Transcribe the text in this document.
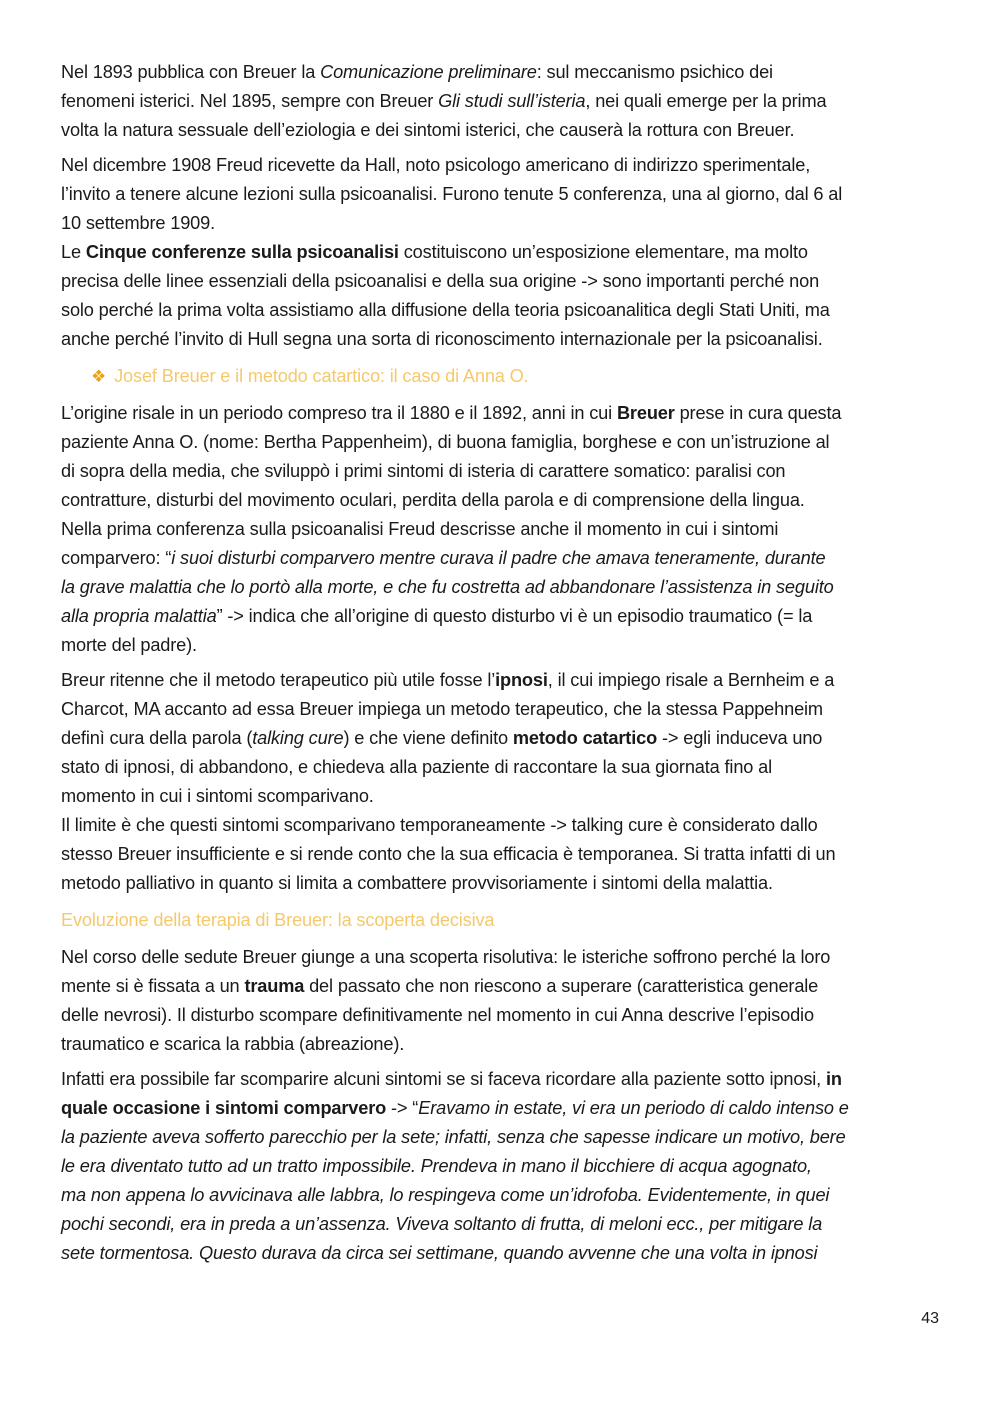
Nel 1893 pubblica con Breuer la Comunicazione preliminare: sul meccanismo psichico dei
fenomeni isterici. Nel 1895, sempre con Breuer Gli studi sull’isteria, nei quali emerge per la prima
volta la natura sessuale dell’eziologia e dei sintomi isterici, che causerà la rottura con Breuer.
Nel dicembre 1908 Freud ricevette da Hall, noto psicologo americano di indirizzo sperimentale,
l’invito a tenere alcune lezioni sulla psicoanalisi. Furono tenute 5 conferenza, una al giorno, dal 6 al
10 settembre 1909.
Le Cinque conferenze sulla psicoanalisi costituiscono un’esposizione elementare, ma molto
precisa delle linee essenziali della psicoanalisi e della sua origine -> sono importanti perché non
solo perché la prima volta assistiamo alla diffusione della teoria psicoanalitica degli Stati Uniti, ma
anche perché l’invito di Hull segna una sorta di riconoscimento internazionale per la psicoanalisi.
❖ Josef Breuer e il metodo catartico: il caso di Anna O.
L’origine risale in un periodo compreso tra il 1880 e il 1892, anni in cui Breuer prese in cura questa
paziente Anna O. (nome: Bertha Pappenheim), di buona famiglia, borghese e con un’istruzione al
di sopra della media, che sviluppò i primi sintomi di isteria di carattere somatico: paralisi con
contratture, disturbi del movimento oculari, perdita della parola e di comprensione della lingua.
Nella prima conferenza sulla psicoanalisi Freud descrisse anche il momento in cui i sintomi
comparvero: “i suoi disturbi comparvero mentre curava il padre che amava teneramente, durante
la grave malattia che lo portò alla morte, e che fu costretta ad abbandonare l’assistenza in seguito
alla propria malattia” -> indica che all’origine di questo disturbo vi è un episodio traumatico (= la
morte del padre).
Breur ritenne che il metodo terapeutico più utile fosse l’ipnosi, il cui impiego risale a Bernheim e a
Charcot, MA accanto ad essa Breuer impiega un metodo terapeutico, che la stessa Pappehneim
definì cura della parola (talking cure) e che viene definito metodo catartico -> egli induceva uno
stato di ipnosi, di abbandono, e chiedeva alla paziente di raccontare la sua giornata fino al
momento in cui i sintomi scomparivano.
Il limite è che questi sintomi scomparivano temporaneamente -> talking cure è considerato dallo
stesso Breuer insufficiente e si rende conto che la sua efficacia è temporanea. Si tratta infatti di un
metodo palliativo in quanto si limita a combattere provvisoriamente i sintomi della malattia.
Evoluzione della terapia di Breuer: la scoperta decisiva
Nel corso delle sedute Breuer giunge a una scoperta risolutiva: le isteriche soffrono perché la loro
mente si è fissata a un trauma del passato che non riescono a superare (caratteristica generale
delle nevrosi). Il disturbo scompare definitivamente nel momento in cui Anna descrive l’episodio
traumatico e scarica la rabbia (abreazione).
Infatti era possibile far scomparire alcuni sintomi se si faceva ricordare alla paziente sotto ipnosi, in
quale occasione i sintomi comparvero -> “Eravamo in estate, vi era un periodo di caldo intenso e
la paziente aveva sofferto parecchio per la sete; infatti, senza che sapesse indicare un motivo, bere
le era diventato tutto ad un tratto impossibile. Prendeva in mano il bicchiere di acqua agognato,
ma non appena lo avvicinava alle labbra, lo respingeva come un’idrofoba. Evidentemente, in quei
pochi secondi, era in preda a un’assenza. Viveva soltanto di frutta, di meloni ecc., per mitigare la
sete tormentosa. Questo durava da circa sei settimane, quando avvenne che una volta in ipnosi
43
